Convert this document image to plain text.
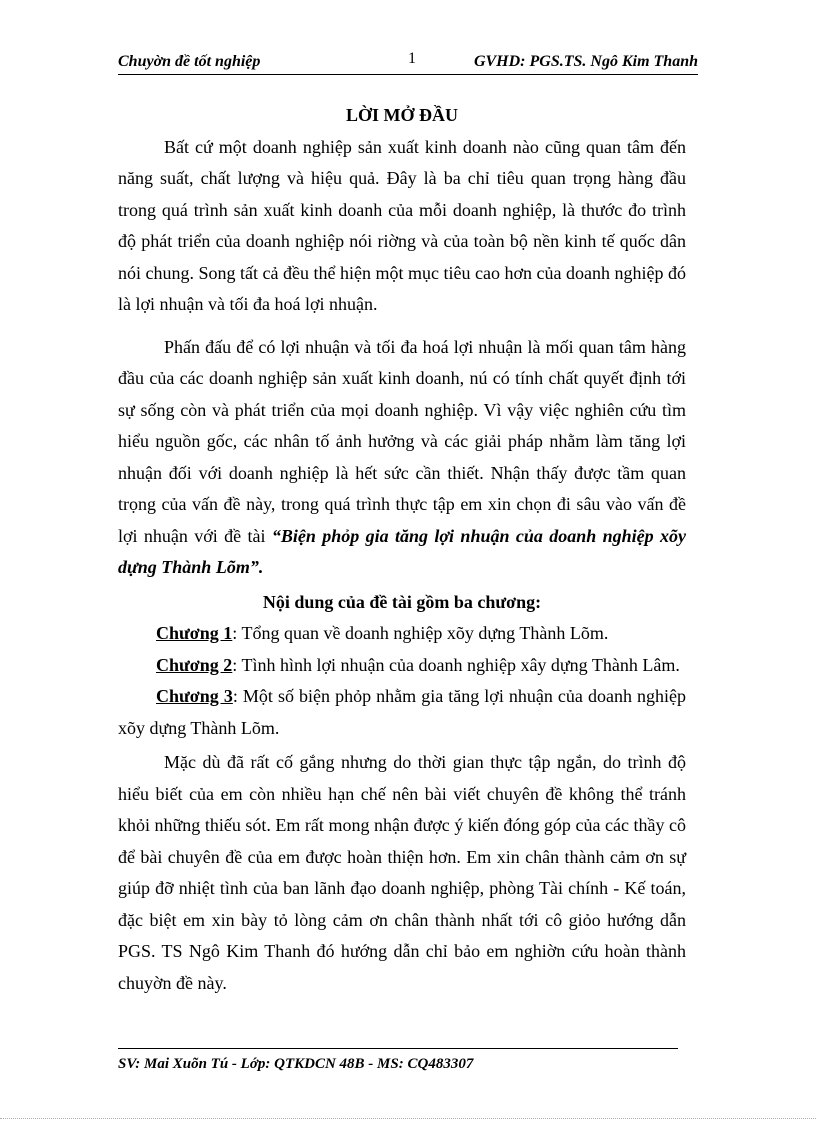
Chuyờn đề tốt nghiệp	1	GVHD: PGS.TS. Ngô Kim Thanh

LỜI MỞ ĐẦU

Bất cứ một doanh nghiệp sản xuất kinh doanh nào cũng quan tâm đến năng suất, chất lượng và hiệu quả. Đây là ba chỉ tiêu quan trọng hàng đầu trong quá trình sản xuất kinh doanh của mỗi doanh nghiệp, là thước đo trình độ phát triển của doanh nghiệp nói riờng và của toàn bộ nền kinh tế quốc dân nói chung. Song tất cả đều thể hiện một mục tiêu cao hơn của doanh nghiệp đó là lợi nhuận và tối đa hoá lợi nhuận.

Phấn đấu để có lợi nhuận và tối đa hoá lợi nhuận là mối quan tâm hàng đầu của các doanh nghiệp sản xuất kinh doanh, nú có tính chất quyết định tới sự sống còn và phát triển của mọi doanh nghiệp. Vì vậy việc nghiên cứu tìm hiểu nguồn gốc, các nhân tố ảnh hưởng và các giải pháp nhằm làm tăng lợi nhuận đối với doanh nghiệp là hết sức cần thiết. Nhận thấy được tầm quan trọng của vấn đề này, trong quá trình thực tập em xin chọn đi sâu vào vấn đề lợi nhuận với đề tài “Biện phỏp gia tăng lợi nhuận của doanh nghiệp xõy dựng Thành Lõm”.

Nội dung của đề tài gồm ba chương:

Chương 1: Tổng quan về doanh nghiệp xõy dựng Thành Lõm.

Chương 2: Tình hình lợi nhuận của doanh nghiệp xây dựng Thành Lâm.

Chương 3: Một số biện phỏp nhằm gia tăng lợi nhuận của doanh nghiệp xõy dựng Thành Lõm.

Mặc dù đã rất cố gắng nhưng do thời gian thực tập ngắn, do trình độ hiểu biết của em còn nhiều hạn chế nên bài viết chuyên đề không thể tránh khỏi những thiếu sót. Em rất mong nhận được ý kiến đóng góp của các thầy cô để bài chuyên đề của em được hoàn thiện hơn. Em xin chân thành cảm ơn sự giúp đỡ nhiệt tình của ban lãnh đạo doanh nghiệp, phòng Tài chính - Kế toán, đặc biệt em xin bày tỏ lòng cảm ơn chân thành nhất tới cô giỏo hướng dẫn PGS. TS Ngô Kim Thanh đó hướng dẫn chỉ bảo em nghiờn cứu hoàn thành chuyờn đề này.

SV: Mai Xuõn Tú - Lớp: QTKDCN 48B - MS: CQ483307
